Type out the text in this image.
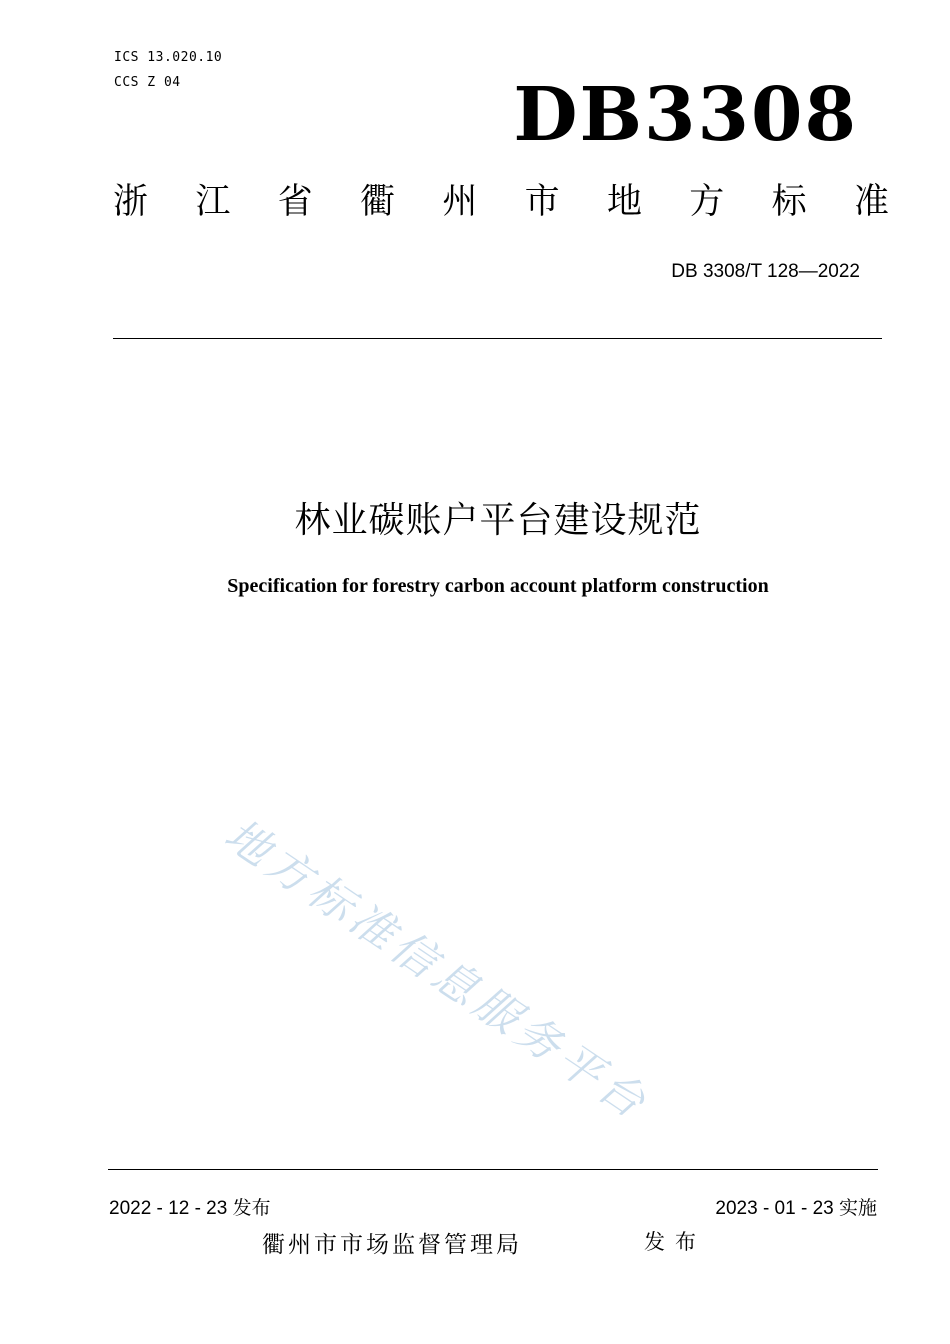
ICS 13.020.10
CCS Z 04	DB3308
浙 江 省 衢 州 市 地 方 标 准
DB 3308/T 128—2022
林业碳账户平台建设规范
Specification for forestry carbon account platform construction
地方标准信息服务平台
2022 - 12 - 23 发布	2023 - 01 - 23 实施
衢州市市场监督管理局	发布
